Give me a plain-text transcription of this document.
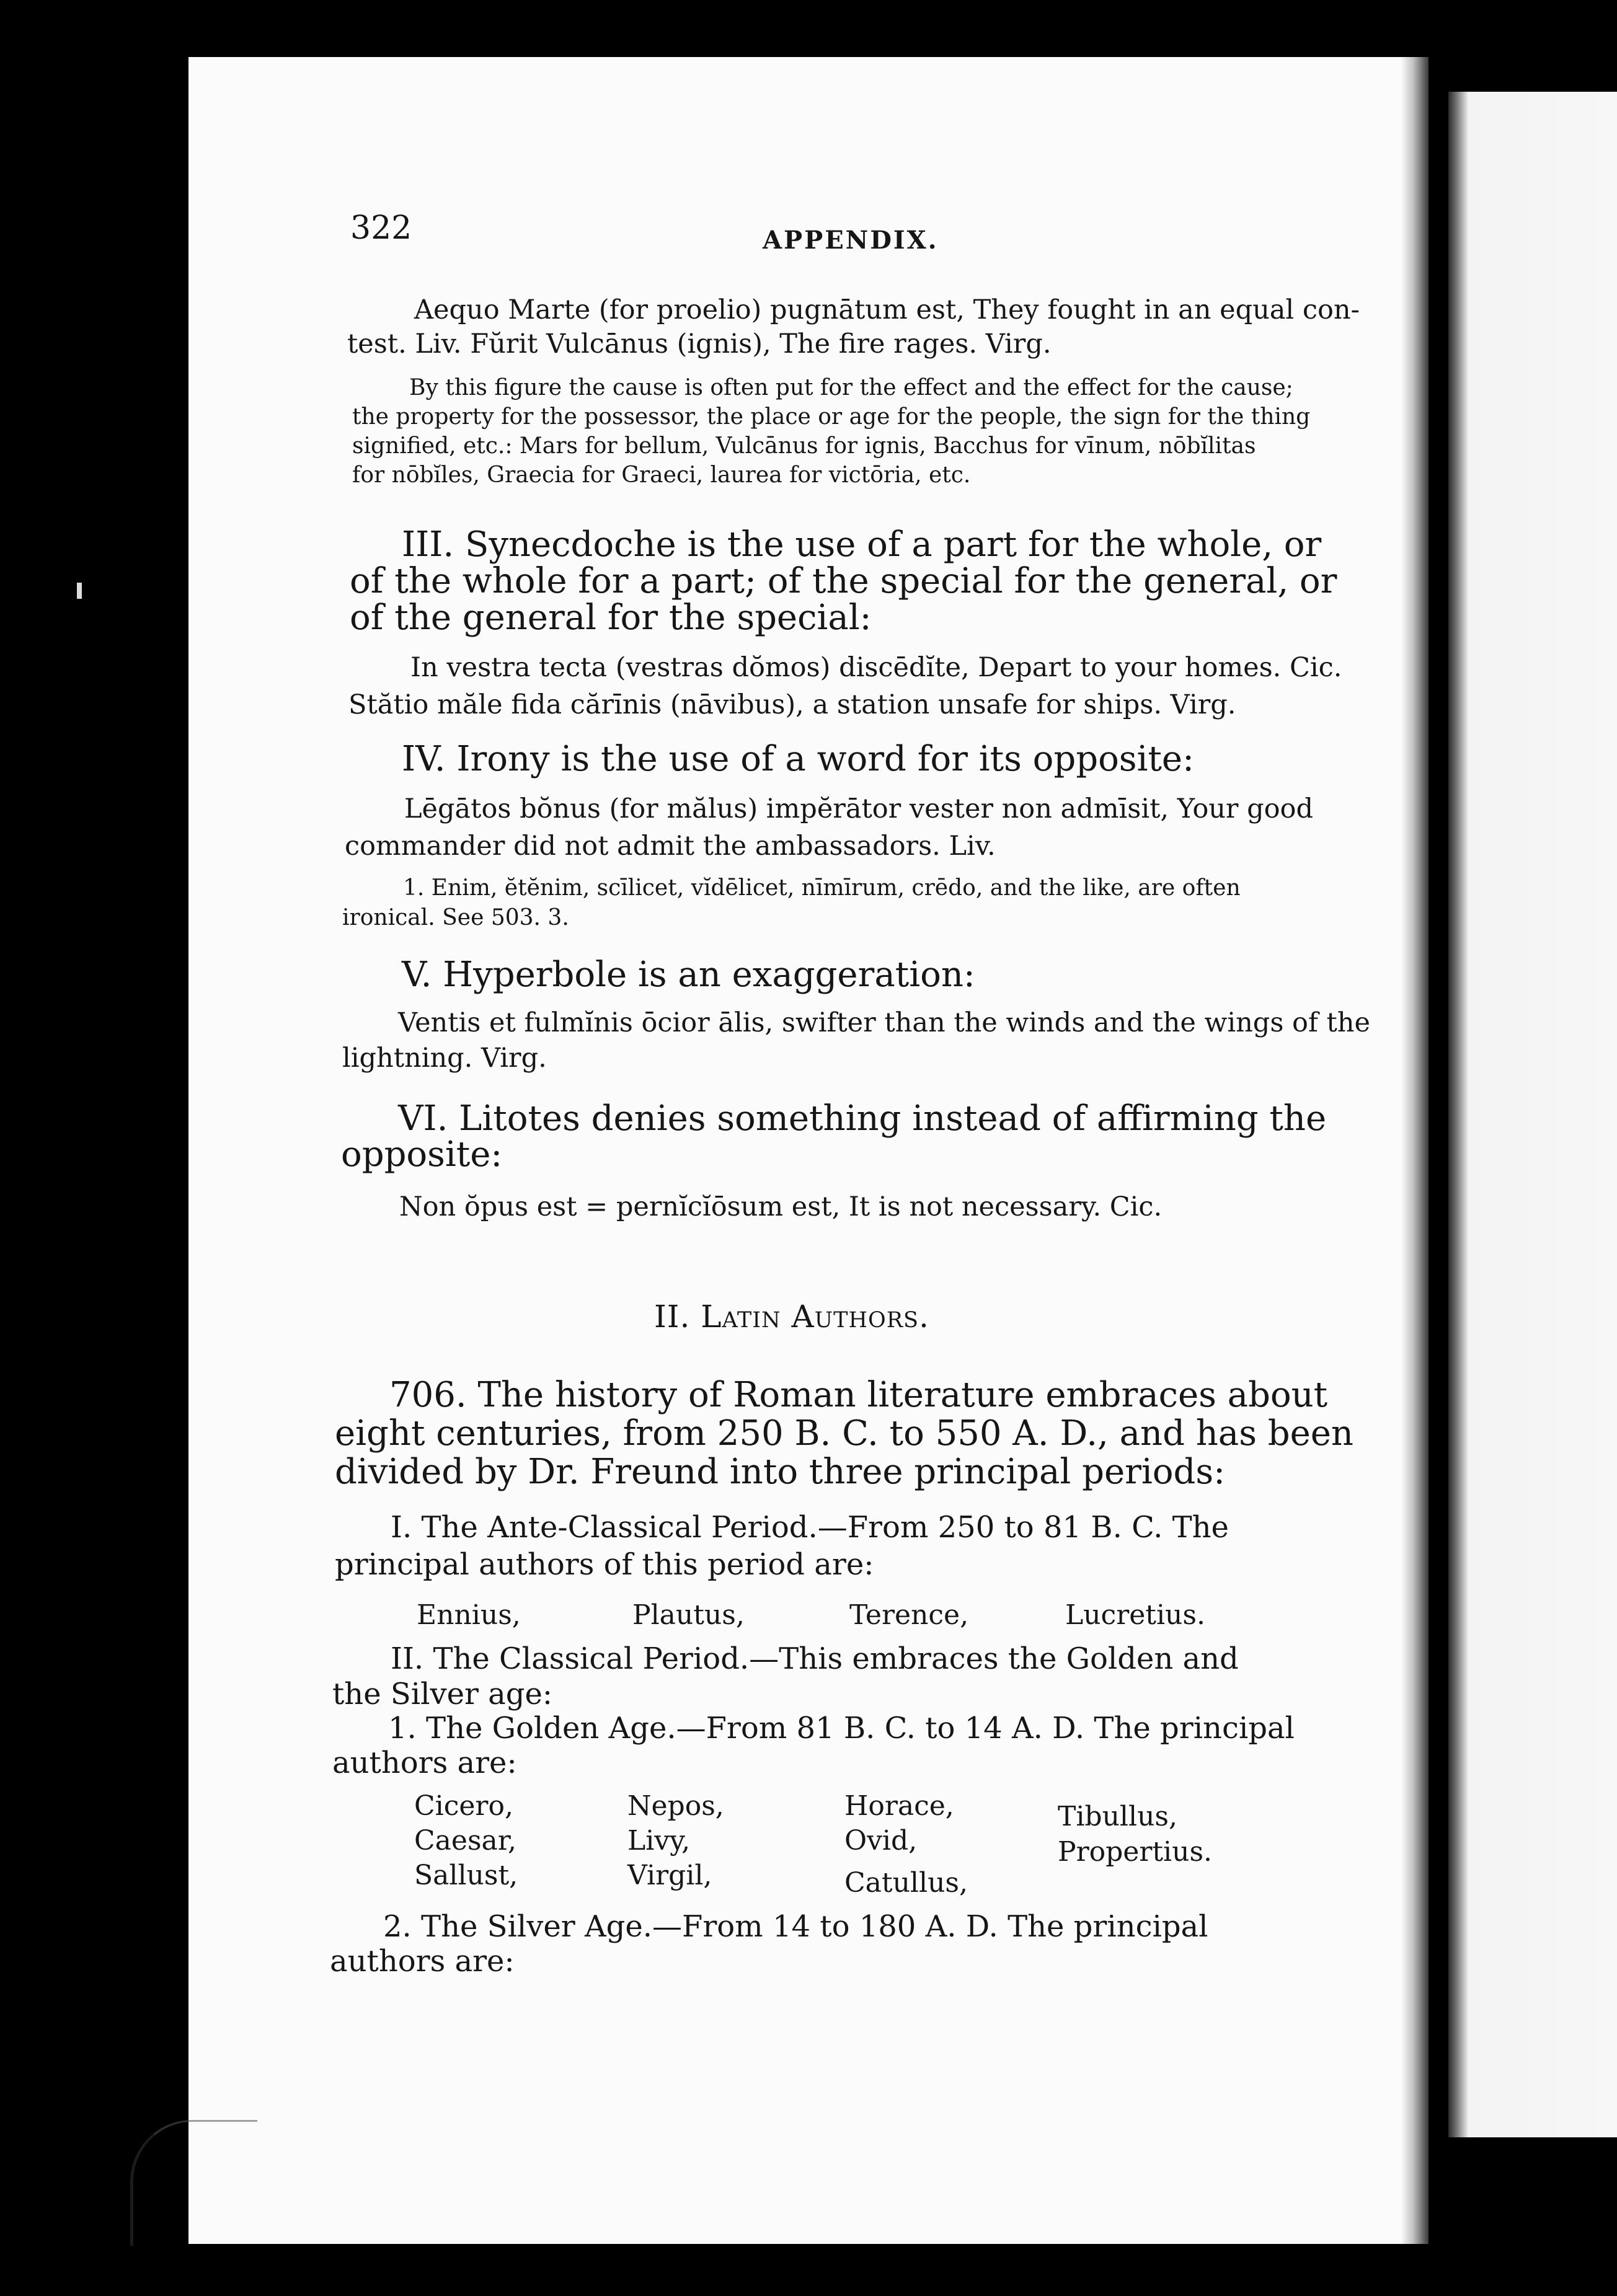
322	APPENDIX.
Aequo Marte (for proelio) pugnātum est, They fought in an equal con-
test. Liv. Fŭrit Vulcānus (ignis), The fire rages. Virg.
By this figure the cause is often put for the effect and the effect for the cause;
the property for the possessor, the place or age for the people, the sign for the thing
signified, etc.: Mars for bellum, Vulcānus for ignis, Bacchus for vīnum, nōbĭlitas
for nōbĭles, Graecia for Graeci, laurea for victōria, etc.
III. Synecdoche is the use of a part for the whole, or
of the whole for a part; of the special for the general, or
of the general for the special:
In vestra tecta (vestras dŏmos) discēdĭte, Depart to your homes. Cic.
Stătio măle fida cărīnis (nāvibus), a station unsafe for ships. Virg.
IV. Irony is the use of a word for its opposite:
Lēgātos bŏnus (for mălus) impĕrātor vester non admīsit, Your good
commander did not admit the ambassadors. Liv.
1. Enim, ĕtĕnim, scīlicet, vĭdēlicet, nīmīrum, crēdo, and the like, are often
ironical. See 503. 3.
V. Hyperbole is an exaggeration:
Ventis et fulmĭnis ōcior ālis, swifter than the winds and the wings of the
lightning. Virg.
VI. Litotes denies something instead of affirming the
opposite:
Non ŏpus est = pernĭcĭōsum est, It is not necessary. Cic.
II. Latin Authors.
706. The history of Roman literature embraces about
eight centuries, from 250 B. C. to 550 A. D., and has been
divided by Dr. Freund into three principal periods:
I. The Ante-Classical Period.—From 250 to 81 B. C. The
principal authors of this period are:
Ennius,	Plautus,	Terence,	Lucretius.
II. The Classical Period.—This embraces the Golden and
the Silver age:
1. The Golden Age.—From 81 B. C. to 14 A. D. The principal
authors are:
Cicero,	Nepos,	Horace,	Tibullus,
Caesar,	Livy,	Ovid,	Propertius.
Sallust,	Virgil,	Catullus,
2. The Silver Age.—From 14 to 180 A. D. The principal
authors are:
